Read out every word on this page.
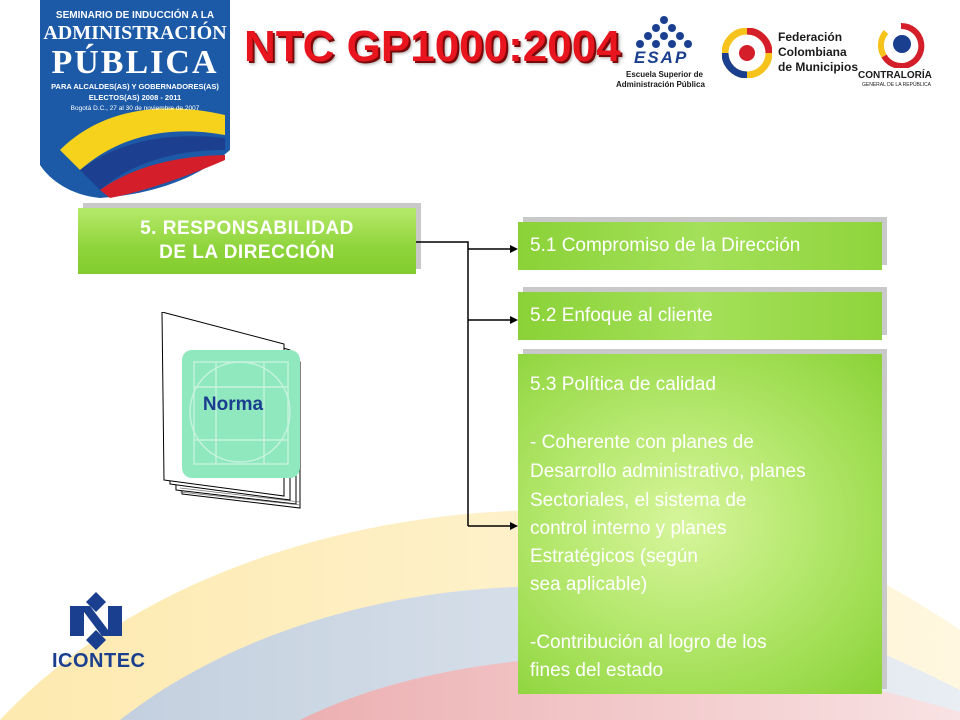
SEMINARIO DE INDUCCIÓN A LA
ADMINISTRACIÓN
PÚBLICA
PARA ALCALDES(AS) Y GOBERNADORES(AS)
ELECTOS(AS) 2008 - 2011
Bogotá D.C., 27 al 30 de noviembre de 2007
NTC GP1000:2004 ESAP
Escuela Superior de
Administración Pública
Federación
Colombiana
de Municipios
CONTRALORÍA
GENERAL DE LA REPÚBLICA
5. RESPONSABILIDAD
DE LA DIRECCIÓN	5.1 Compromiso de la Dirección
5.2 Enfoque al cliente
5.3 Política de calidad
- Coherente con planes de
Desarrollo administrativo, planes
Sectoriales, el sistema de
control interno y planes
Estratégicos (según
sea aplicable)
-Contribución al logro de los
fines del estado
Norma
ICONTEC
